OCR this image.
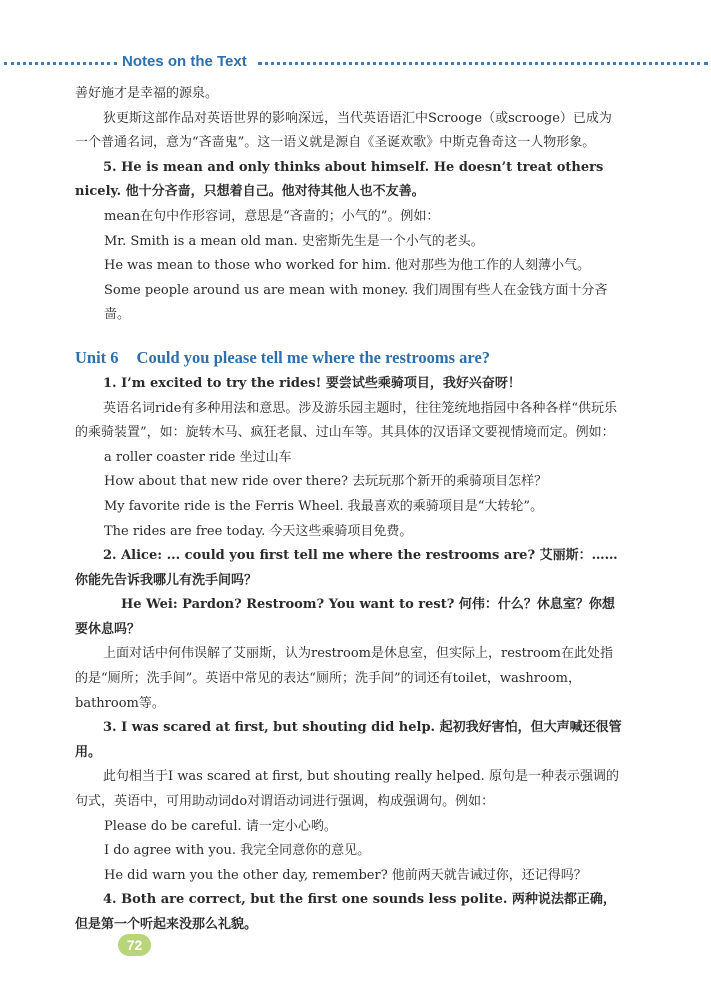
Notes on the Text

善好施才是幸福的源泉。

狄更斯这部作品对英语世界的影响深远，当代英语语汇中Scrooge（或scrooge）已成为一个普通名词，意为“吝啬鬼”。这一语义就是源自《圣诞欢歌》中斯克鲁奇这一人物形象。

5. He is mean and only thinks about himself. He doesn’t treat others nicely. 他十分吝啬，只想着自己。他对待其他人也不友善。

mean在句中作形容词，意思是“吝啬的；小气的”。例如：

Mr. Smith is a mean old man. 史密斯先生是一个小气的老头。

He was mean to those who worked for him. 他对那些为他工作的人刻薄小气。

Some people around us are mean with money. 我们周围有些人在金钱方面十分吝啬。

Unit 6 Could you please tell me where the restrooms are?

1. I’m excited to try the rides! 要尝试些乘骑项目，我好兴奋呀！

英语名词ride有多种用法和意思。涉及游乐园主题时，往往笼统地指园中各种各样“供玩乐的乘骑装置”，如：旋转木马、疯狂老鼠、过山车等。其具体的汉语译文要视情境而定。例如：

a roller coaster ride 坐过山车

How about that new ride over there? 去玩玩那个新开的乘骑项目怎样？

My favorite ride is the Ferris Wheel. 我最喜欢的乘骑项目是“大转轮”。

The rides are free today. 今天这些乘骑项目免费。

2. Alice: ... could you first tell me where the restrooms are? 艾丽斯：……你能先告诉我哪儿有洗手间吗？

He Wei: Pardon? Restroom? You want to rest? 何伟：什么？休息室？你想要休息吗？

上面对话中何伟误解了艾丽斯，认为restroom是休息室，但实际上，restroom在此处指的是“厕所；洗手间”。英语中常见的表达“厕所；洗手间”的词还有toilet，washroom，bathroom等。

3. I was scared at first, but shouting did help. 起初我好害怕，但大声喊还很管用。

此句相当于I was scared at first, but shouting really helped. 原句是一种表示强调的句式，英语中，可用助动词do对谓语动词进行强调，构成强调句。例如：

Please do be careful. 请一定小心哟。

I do agree with you. 我完全同意你的意见。

He did warn you the other day, remember? 他前两天就告诫过你，还记得吗？

4. Both are correct, but the first one sounds less polite. 两种说法都正确，但是第一个听起来没那么礼貌。

72
